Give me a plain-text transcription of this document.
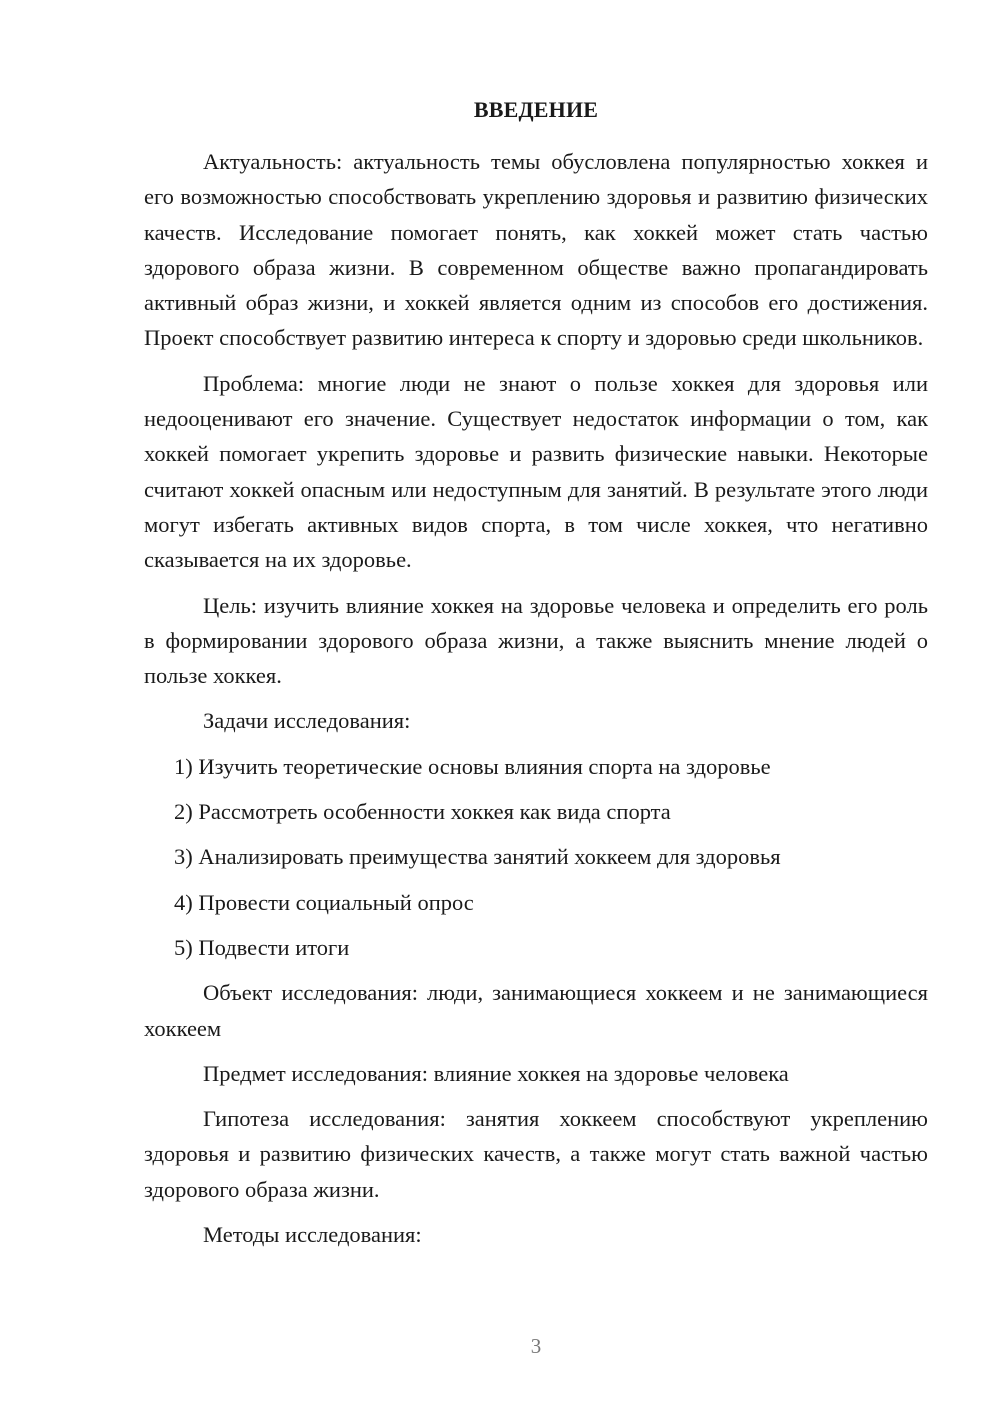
ВВЕДЕНИЕ

Актуальность: актуальность темы обусловлена популярностью хоккея и его возможностью способствовать укреплению здоровья и развитию физических качеств. Исследование помогает понять, как хоккей может стать частью здорового образа жизни. В современном обществе важно пропагандировать активный образ жизни, и хоккей является одним из способов его достижения. Проект способствует развитию интереса к спорту и здоровью среди школьников.

Проблема: многие люди не знают о пользе хоккея для здоровья или недооценивают его значение. Существует недостаток информации о том, как хоккей помогает укрепить здоровье и развить физические навыки. Некоторые считают хоккей опасным или недоступным для занятий. В результате этого люди могут избегать активных видов спорта, в том числе хоккея, что негативно сказывается на их здоровье.

Цель: изучить влияние хоккея на здоровье человека и определить его роль в формировании здорового образа жизни, а также выяснить мнение людей о пользе хоккея.

Задачи исследования:

1) Изучить теоретические основы влияния спорта на здоровье
2) Рассмотреть особенности хоккея как вида спорта
3) Анализировать преимущества занятий хоккеем для здоровья
4) Провести социальный опрос
5) Подвести итоги

Объект исследования: люди, занимающиеся хоккеем и не занимающиеся хоккеем

Предмет исследования: влияние хоккея на здоровье человека

Гипотеза исследования: занятия хоккеем способствуют укреплению здоровья и развитию физических качеств, а также могут стать важной частью здорового образа жизни.

Методы исследования:

3
